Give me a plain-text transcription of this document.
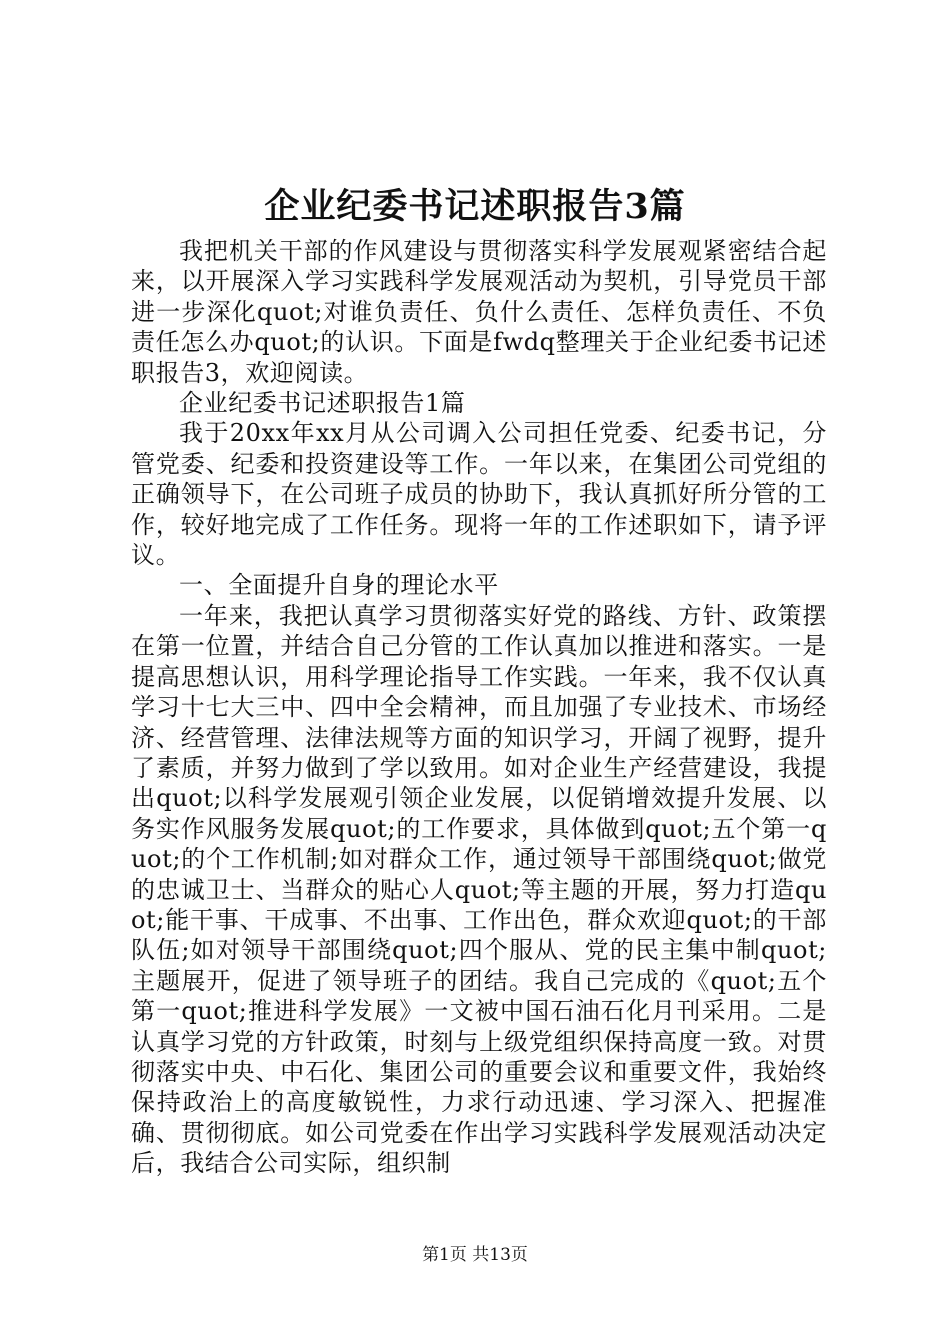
企业纪委书记述职报告3篇

我把机关干部的作风建设与贯彻落实科学发展观紧密结合起来，以开展深入学习实践科学发展观活动为契机，引导党员干部进一步深化quot;对谁负责任、负什么责任、怎样负责任、不负责任怎么办quot;的认识。下面是fwdq整理关于企业纪委书记述职报告3，欢迎阅读。

企业纪委书记述职报告1篇

我于20xx年xx月从公司调入公司担任党委、纪委书记，分管党委、纪委和投资建设等工作。一年以来，在集团公司党组的正确领导下，在公司班子成员的协助下，我认真抓好所分管的工作，较好地完成了工作任务。现将一年的工作述职如下，请予评议。

一、全面提升自身的理论水平

一年来，我把认真学习贯彻落实好党的路线、方针、政策摆在第一位置，并结合自己分管的工作认真加以推进和落实。一是提高思想认识，用科学理论指导工作实践。一年来，我不仅认真学习十七大三中、四中全会精神，而且加强了专业技术、市场经济、经营管理、法律法规等方面的知识学习，开阔了视野，提升了素质，并努力做到了学以致用。如对企业生产经营建设，我提出quot;以科学发展观引领企业发展，以促销增效提升发展、以务实作风服务发展quot;的工作要求，具体做到quot;五个第一quot;的个工作机制;如对群众工作，通过领导干部围绕quot;做党的忠诚卫士、当群众的贴心人quot;等主题的开展，努力打造quot;能干事、干成事、不出事、工作出色，群众欢迎quot;的干部队伍;如对领导干部围绕quot;四个服从、党的民主集中制quot;主题展开，促进了领导班子的团结。我自己完成的《quot;五个第一quot;推进科学发展》一文被中国石油石化月刊采用。二是认真学习党的方针政策，时刻与上级党组织保持高度一致。对贯彻落实中央、中石化、集团公司的重要会议和重要文件，我始终保持政治上的高度敏锐性，力求行动迅速、学习深入、把握准确、贯彻彻底。如公司党委在作出学习实践科学发展观活动决定后，我结合公司实际，组织制

第1页 共13页
